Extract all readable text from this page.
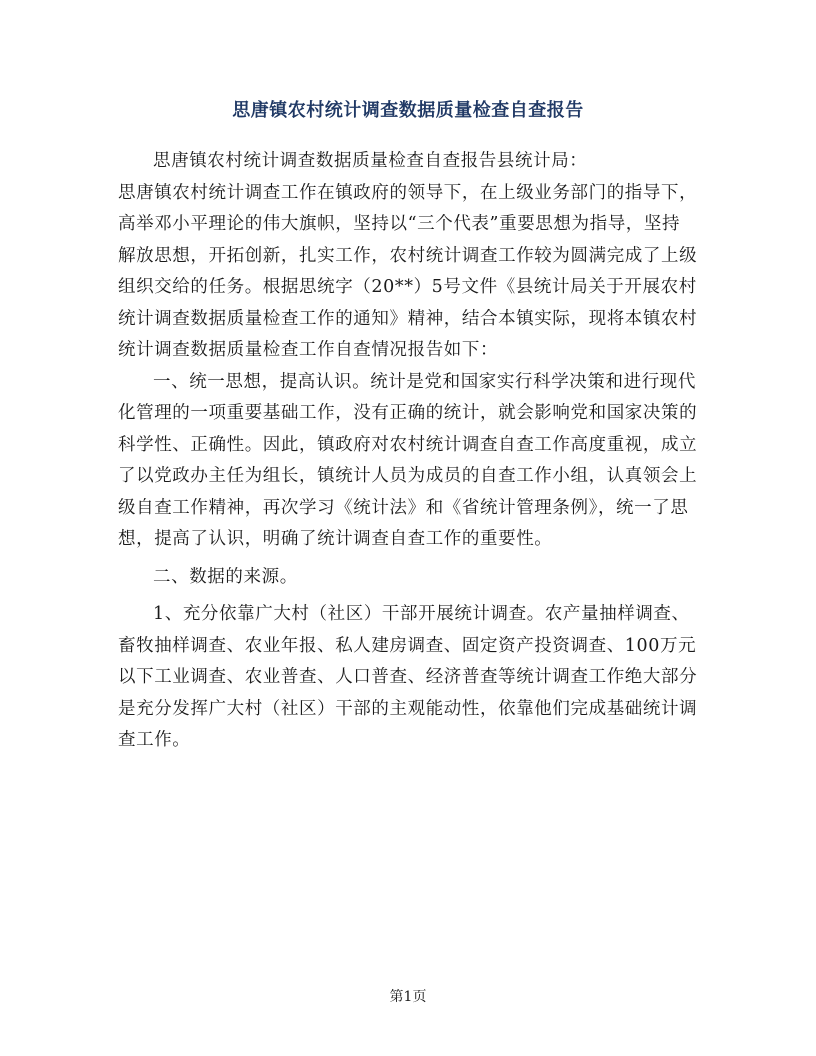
思唐镇农村统计调查数据质量检查自查报告

思唐镇农村统计调查数据质量检查自查报告县统计局：

思唐镇农村统计调查工作在镇政府的领导下，在上级业务部门的指导下，高举邓小平理论的伟大旗帜，坚持以“三个代表”重要思想为指导，坚持解放思想，开拓创新，扎实工作，农村统计调查工作较为圆满完成了上级组织交给的任务。根据思统字（20**）5号文件《县统计局关于开展农村统计调查数据质量检查工作的通知》精神，结合本镇实际，现将本镇农村统计调查数据质量检查工作自查情况报告如下：

一、统一思想，提高认识。统计是党和国家实行科学决策和进行现代化管理的一项重要基础工作，没有正确的统计，就会影响党和国家决策的科学性、正确性。因此，镇政府对农村统计调查自查工作高度重视，成立了以党政办主任为组长，镇统计人员为成员的自查工作小组，认真领会上级自查工作精神，再次学习《统计法》和《省统计管理条例》，统一了思想，提高了认识，明确了统计调查自查工作的重要性。

二、数据的来源。

1、充分依靠广大村（社区）干部开展统计调查。农产量抽样调查、畜牧抽样调查、农业年报、私人建房调查、固定资产投资调查、100万元以下工业调查、农业普查、人口普查、经济普查等统计调查工作绝大部分是充分发挥广大村（社区）干部的主观能动性，依靠他们完成基础统计调查工作。

第1页
